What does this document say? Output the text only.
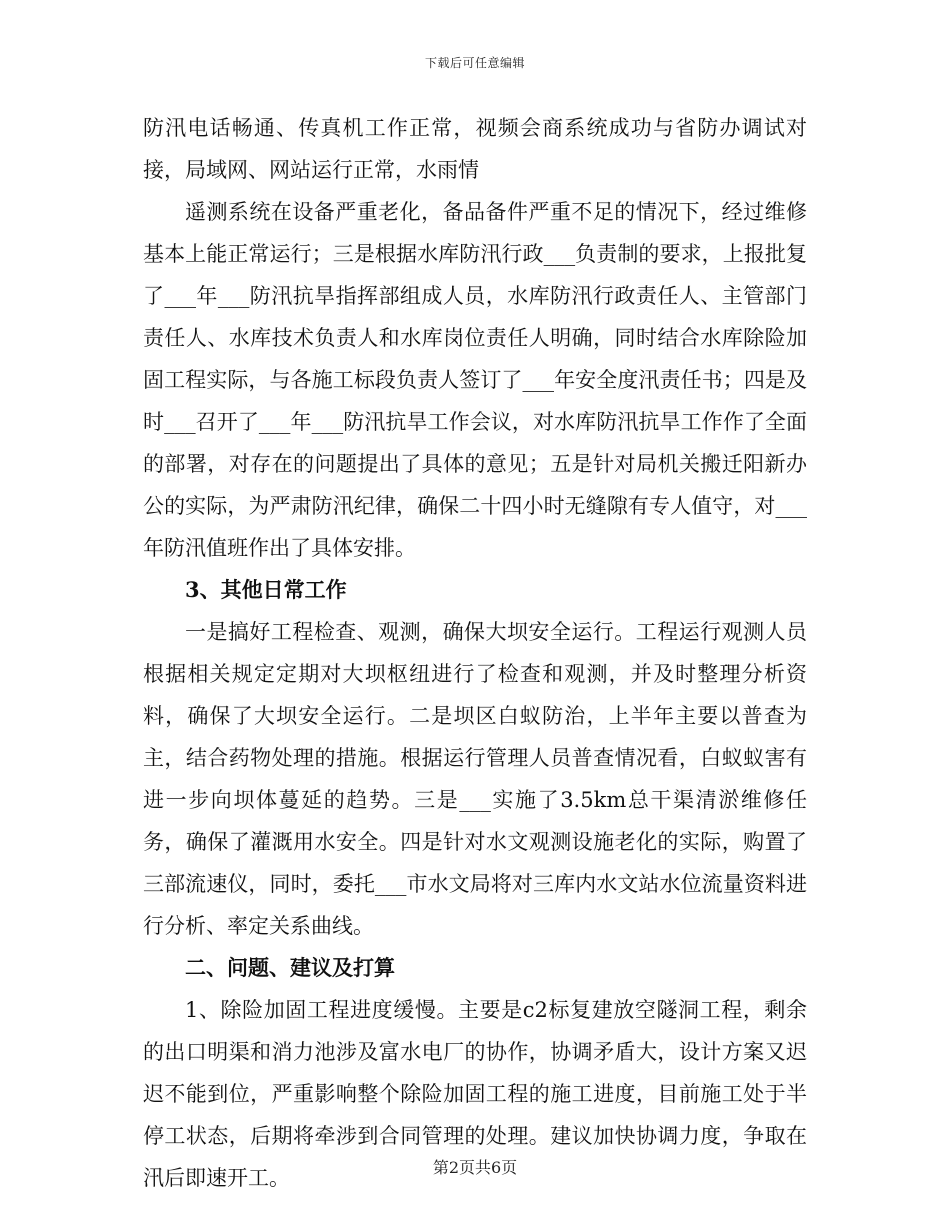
下载后可任意编辑

防汛电话畅通、传真机工作正常，视频会商系统成功与省防办调试对接，局域网、网站运行正常，水雨情

遥测系统在设备严重老化，备品备件严重不足的情况下，经过维修基本上能正常运行；三是根据水库防汛行政___负责制的要求，上报批复了___年___防汛抗旱指挥部组成人员，水库防汛行政责任人、主管部门责任人、水库技术负责人和水库岗位责任人明确，同时结合水库除险加固工程实际，与各施工标段负责人签订了___年安全度汛责任书；四是及时___召开了___年___防汛抗旱工作会议，对水库防汛抗旱工作作了全面的部署，对存在的问题提出了具体的意见；五是针对局机关搬迁阳新办公的实际，为严肃防汛纪律，确保二十四小时无缝隙有专人值守，对___年防汛值班作出了具体安排。

3、其他日常工作

一是搞好工程检查、观测，确保大坝安全运行。工程运行观测人员根据相关规定定期对大坝枢纽进行了检查和观测，并及时整理分析资料，确保了大坝安全运行。二是坝区白蚁防治，上半年主要以普查为主，结合药物处理的措施。根据运行管理人员普查情况看，白蚁蚁害有进一步向坝体蔓延的趋势。三是___实施了3.5km总干渠清淤维修任务，确保了灌溉用水安全。四是针对水文观测设施老化的实际，购置了三部流速仪，同时，委托___市水文局将对三库内水文站水位流量资料进行分析、率定关系曲线。

二、问题、建议及打算

1、除险加固工程进度缓慢。主要是c2标复建放空隧洞工程，剩余的出口明渠和消力池涉及富水电厂的协作，协调矛盾大，设计方案又迟迟不能到位，严重影响整个除险加固工程的施工进度，目前施工处于半停工状态，后期将牵涉到合同管理的处理。建议加快协调力度，争取在汛后即速开工。	第2页共6页
